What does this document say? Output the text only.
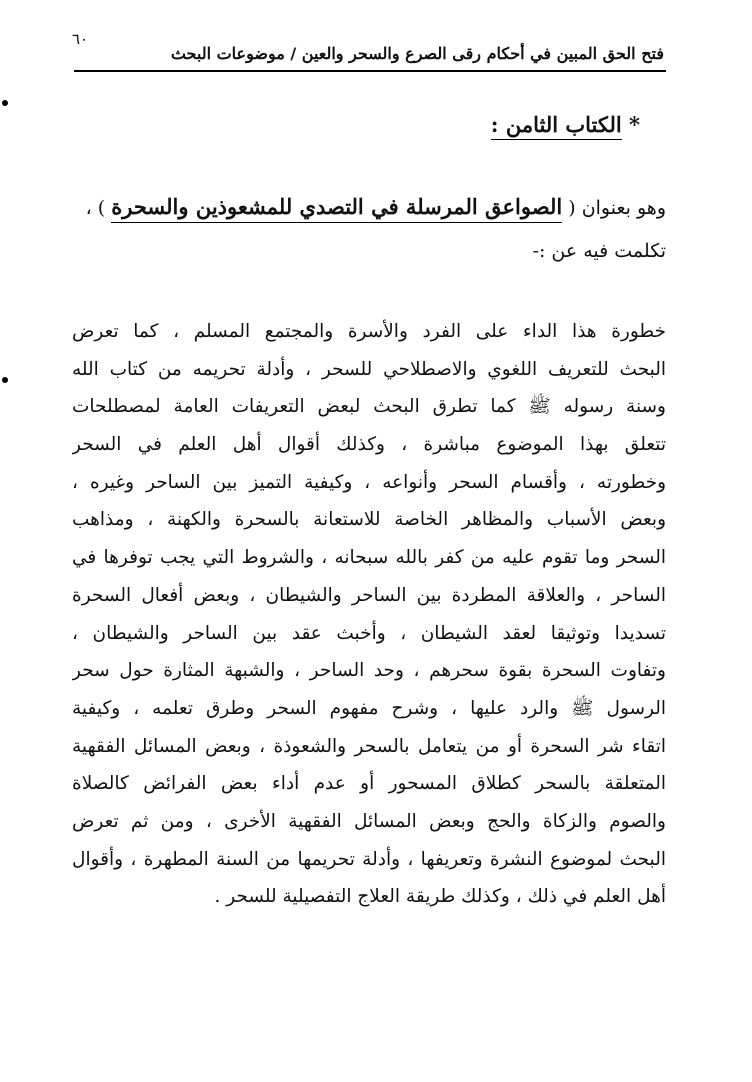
٦٠
فتح الحق المبين في أحكام رقى الصرع والسحر والعين / موضوعات البحث
* الكتاب الثامن :
وهو بعنوان ( الصواعق المرسلة في التصدي للمشعوذين والسحرة ) ،
تكلمت فيه عن :-
خطورة هذا الداء على الفرد والأسرة والمجتمع المسلم ، كما تعرض
البحث للتعريف اللغوي والاصطلاحي للسحر ، وأدلة تحريمه من كتاب الله
وسنة رسوله ﷺ كما تطرق البحث لبعض التعريفات العامة لمصطلحات
تتعلق بهذا الموضوع مباشرة ، وكذلك أقوال أهل العلم في السحر
وخطورته ، وأقسام السحر وأنواعه ، وكيفية التميز بين الساحر وغيره ،
وبعض الأسباب والمظاهر الخاصة للاستعانة بالسحرة والكهنة ، ومذاهب
السحر وما تقوم عليه من كفر بالله سبحانه ، والشروط التي يجب توفرها في
الساحر ، والعلاقة المطردة بين الساحر والشيطان ، وبعض أفعال السحرة
تسديدا وتوثيقا لعقد الشيطان ، وأخبث عقد بين الساحر والشيطان ،
وتفاوت السحرة بقوة سحرهم ، وحد الساحر ، والشبهة المثارة حول سحر
الرسول ﷺ والرد عليها ، وشرح مفهوم السحر وطرق تعلمه ، وكيفية
اتقاء شر السحرة أو من يتعامل بالسحر والشعوذة ، وبعض المسائل الفقهية
المتعلقة بالسحر كطلاق المسحور أو عدم أداء بعض الفرائض كالصلاة
والصوم والزكاة والحج وبعض المسائل الفقهية الأخرى ، ومن ثم تعرض
البحث لموضوع النشرة وتعريفها ، وأدلة تحريمها من السنة المطهرة ، وأقوال
أهل العلم في ذلك ، وكذلك طريقة العلاج التفصيلية للسحر .
